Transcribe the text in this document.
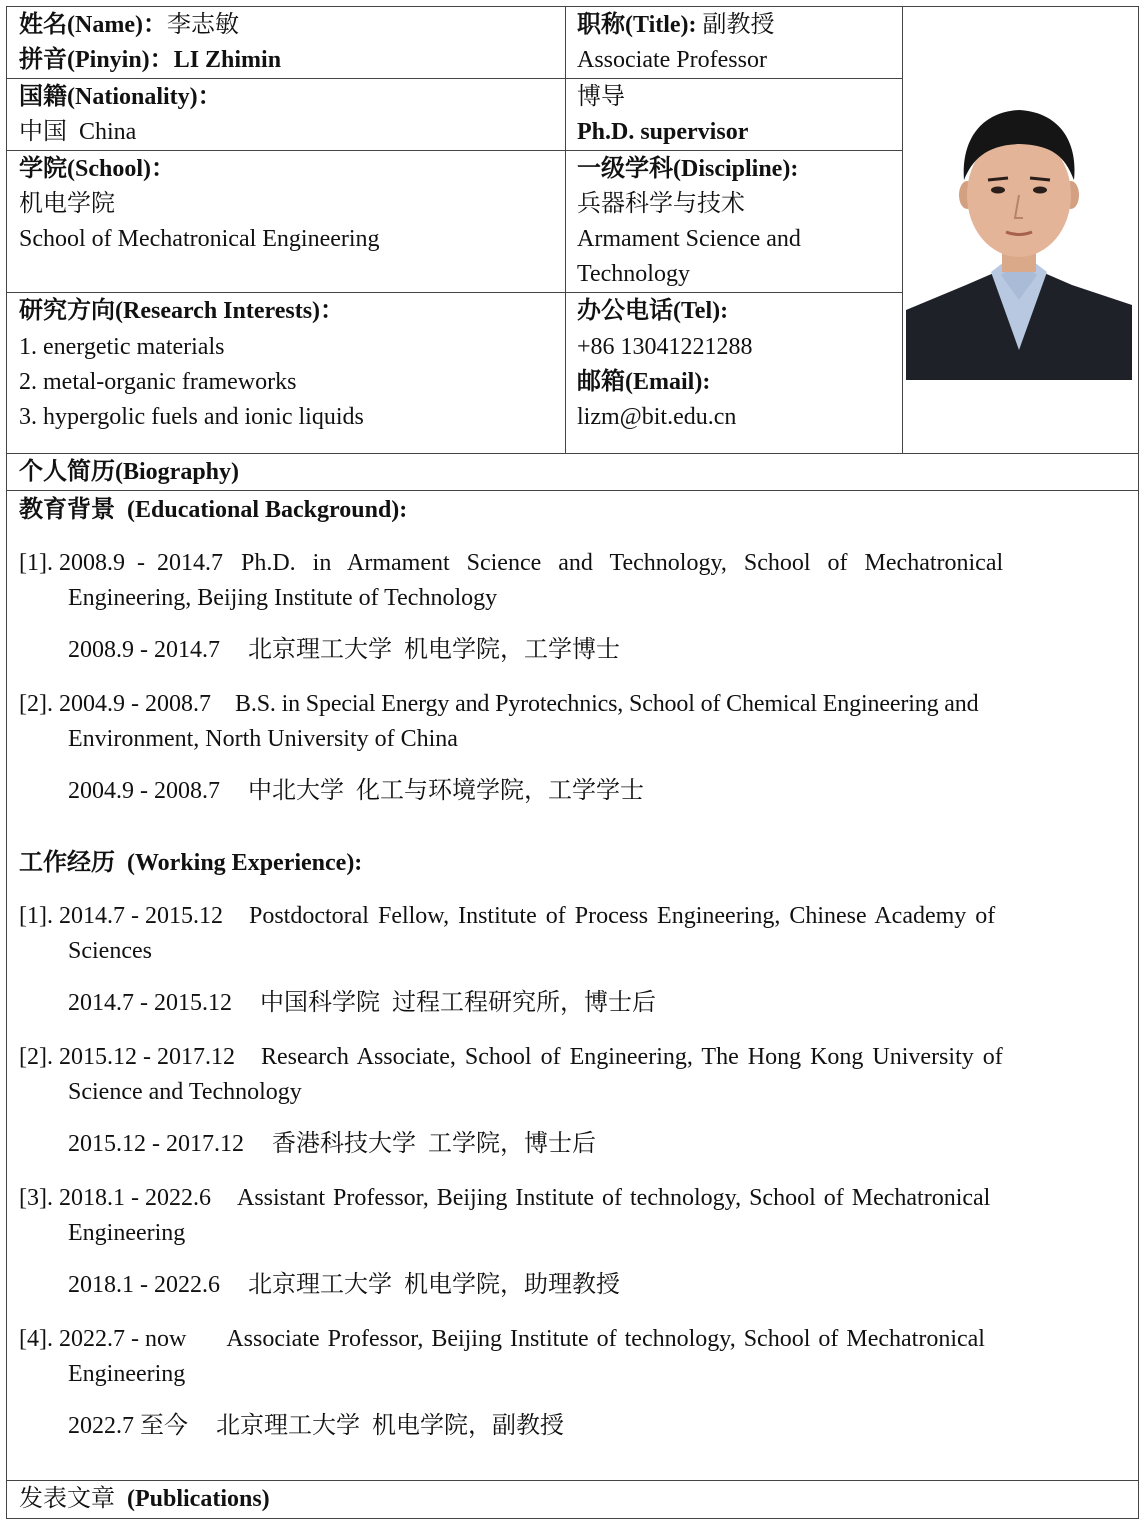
姓名(Name)：李志敏
拼音(Pinyin)：LI Zhimin
职称(Title): 副教授
Associate Professor
国籍(Nationality)：
中国  China
博导
Ph.D. supervisor
学院(School)：
机电学院
School of Mechatronical Engineering
一级学科(Discipline):
兵器科学与技术
Armament Science and
Technology
研究方向(Research Interests)：
1. energetic materials
2. metal-organic frameworks
3. hypergolic fuels and ionic liquids
办公电话(Tel):
+86 13041221288
邮箱(Email):
lizm@bit.edu.cn
个人简历(Biography)
教育背景  (Educational Background):
[1]. 2008.9  -  2014.7 Ph.D. in Armament Science and Technology, School of Mechatronical
Engineering, Beijing Institute of Technology
2008.9 - 2014.7 北京理工大学  机电学院，工学博士
[2]. 2004.9 - 2008.7 B.S. in Special Energy and Pyrotechnics, School of Chemical Engineering and
Environment, North University of China
2004.9 - 2008.7 中北大学  化工与环境学院，工学学士
工作经历  (Working Experience):
[1]. 2014.7 - 2015.12 Postdoctoral Fellow, Institute of Process Engineering, Chinese Academy of
Sciences
2014.7 - 2015.12 中国科学院  过程工程研究所，博士后
[2]. 2015.12 - 2017.12 Research Associate, School of Engineering, The Hong Kong University of
Science and Technology
2015.12 - 2017.12 香港科技大学  工学院，博士后
[3]. 2018.1 - 2022.6 Assistant Professor, Beijing Institute of technology, School of Mechatronical
Engineering
2018.1 - 2022.6 北京理工大学  机电学院，助理教授
[4]. 2022.7 - now Associate Professor, Beijing Institute of technology, School of Mechatronical
Engineering
2022.7 至今 北京理工大学  机电学院，副教授
发表文章 (Publications)
